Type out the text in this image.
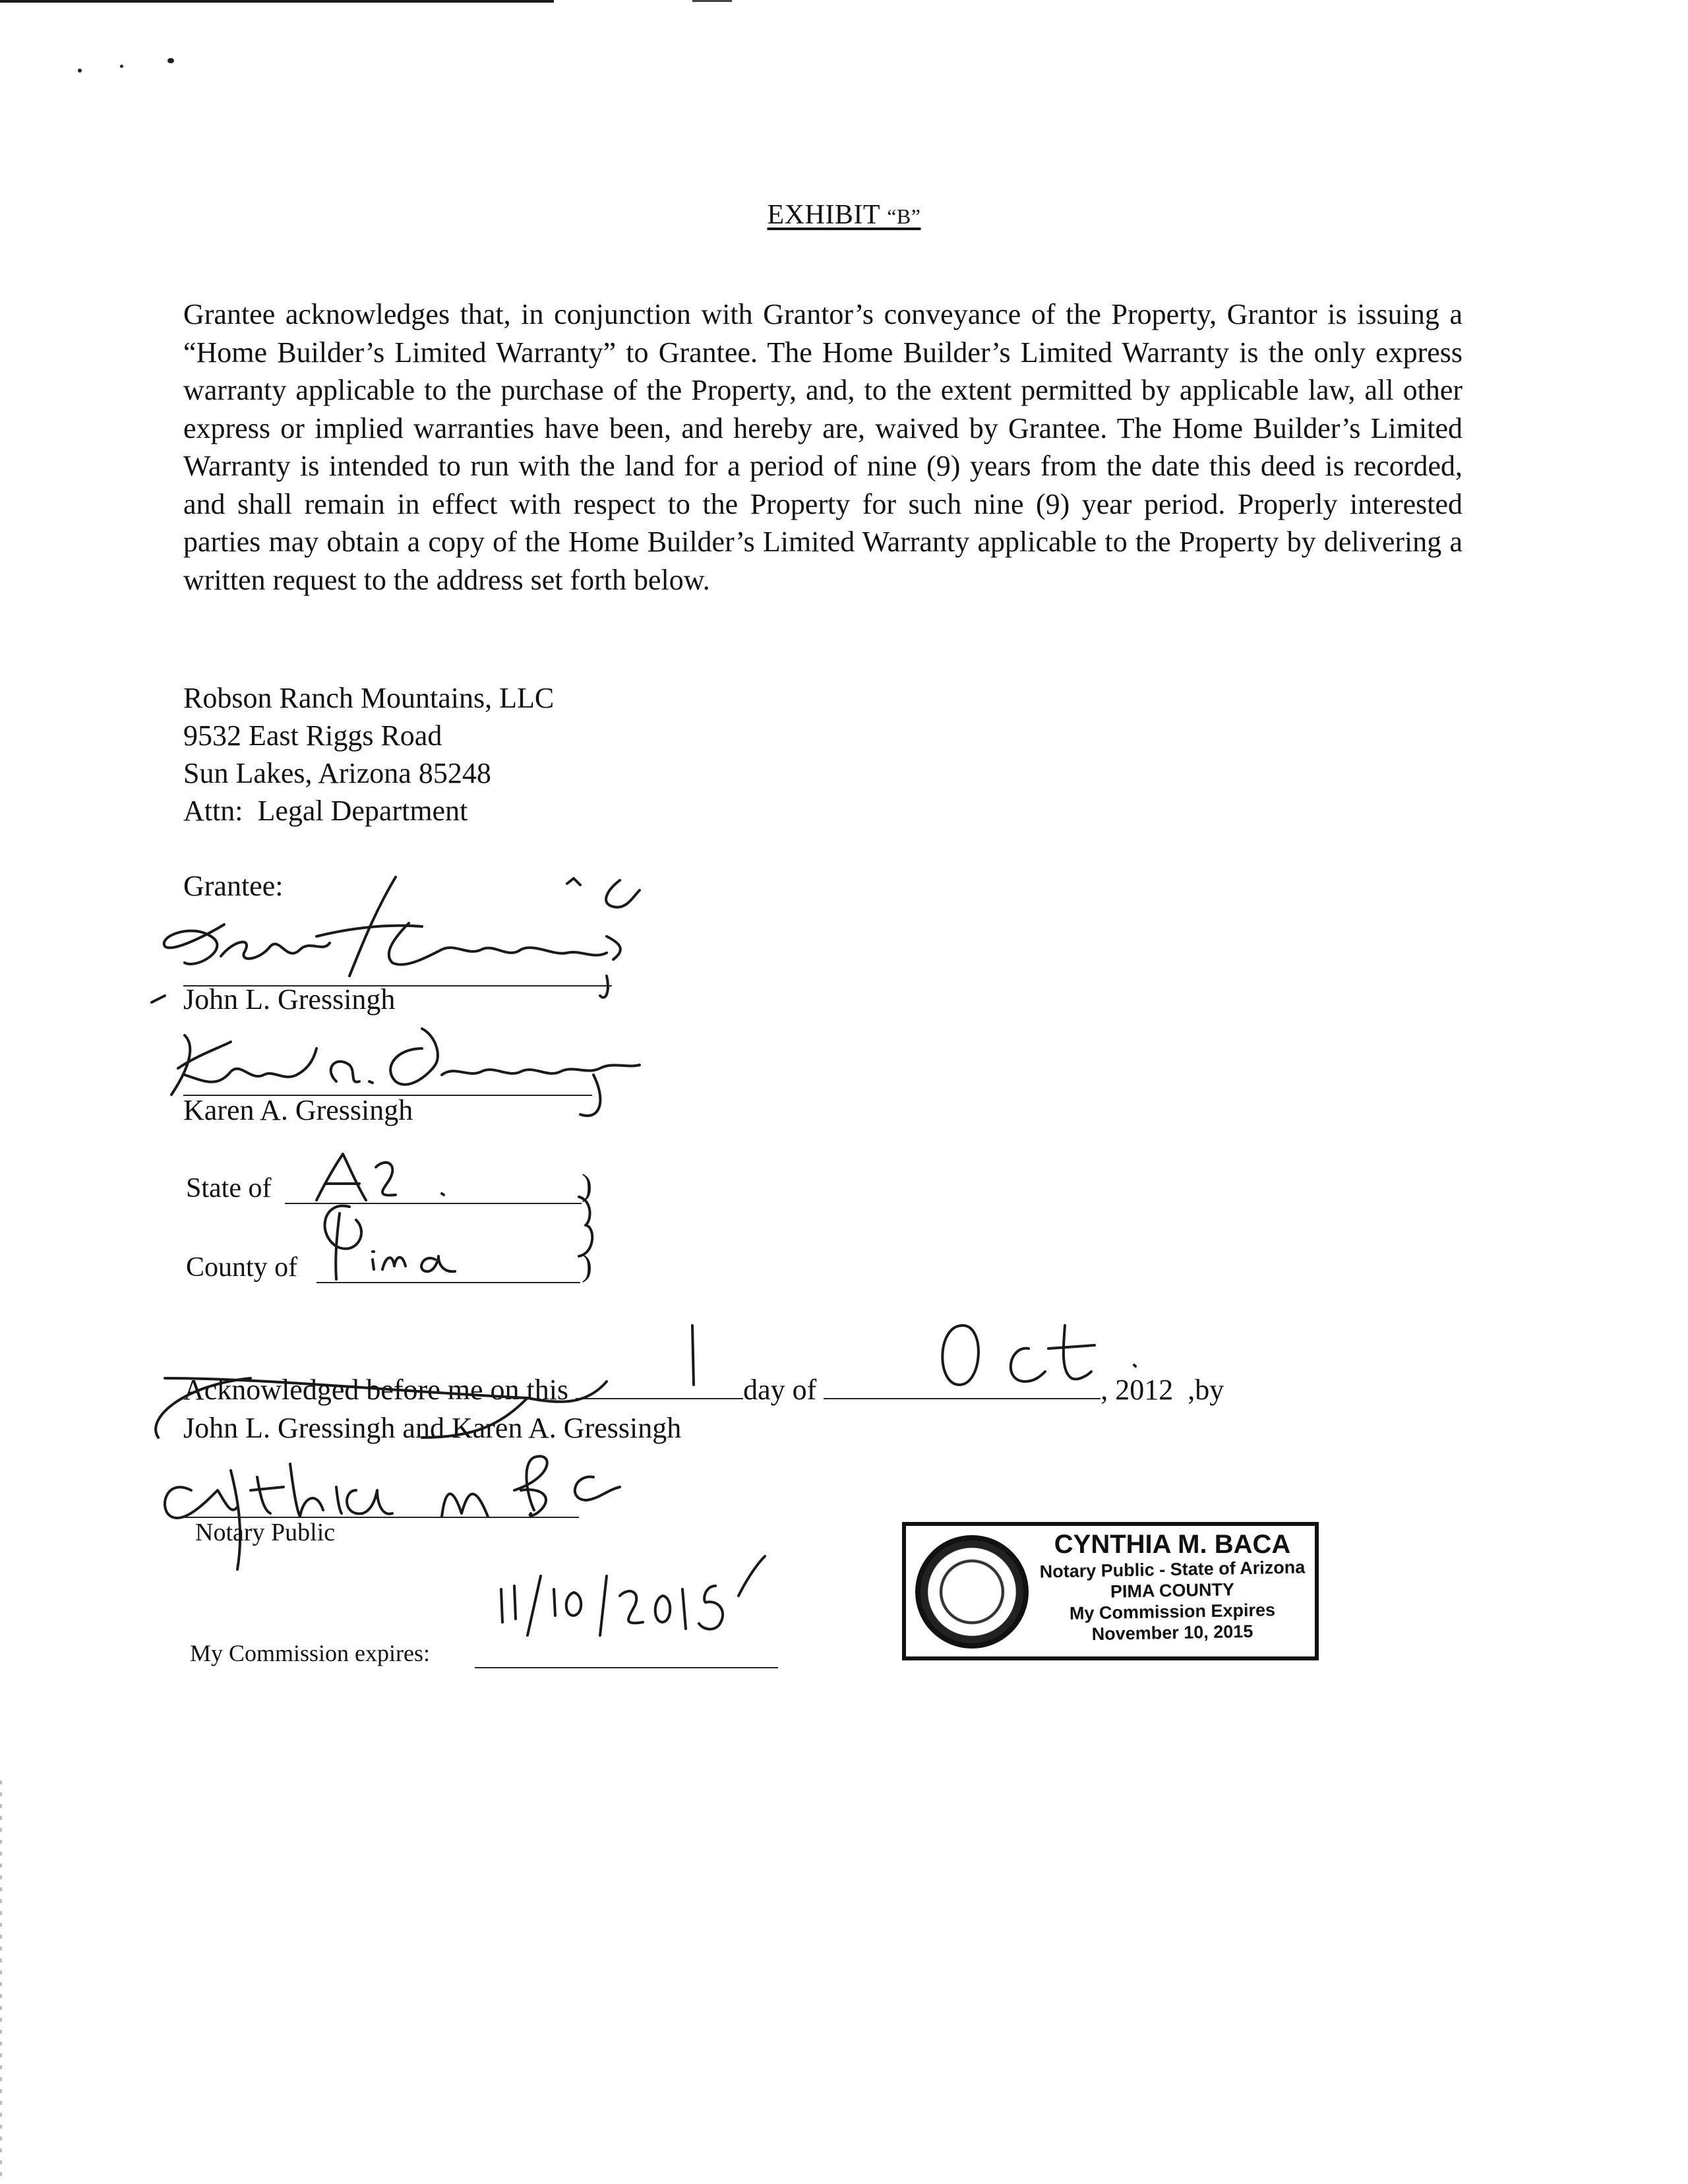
EXHIBIT “B”
Grantee acknowledges that, in conjunction with Grantor’s conveyance of the Property, Grantor is issuing a “Home Builder’s Limited Warranty” to Grantee. The Home Builder’s Limited Warranty is the only express warranty applicable to the purchase of the Property, and, to the extent permitted by applicable law, all other express or implied warranties have been, and hereby are, waived by Grantee. The Home Builder’s Limited Warranty is intended to run with the land for a period of nine (9) years from the date this deed is recorded, and shall remain in effect with respect to the Property for such nine (9) year period. Properly interested parties may obtain a copy of the Home Builder’s Limited Warranty applicable to the Property by delivering a written request to the address set forth below.
Robson Ranch Mountains, LLC
9532 East Riggs Road
Sun Lakes, Arizona 85248
Attn:  Legal Department
Grantee:
John L. Gressingh
Karen A. Gressingh
State of	)
County of	)
Acknowledged before me on this	day of	, 2012  ,by
John L. Gressingh and Karen A. Gressingh
Notary Public
My Commission expires:
CYNTHIA M. BACA
Notary Public - State of Arizona
PIMA COUNTY
My Commission Expires
November 10, 2015
